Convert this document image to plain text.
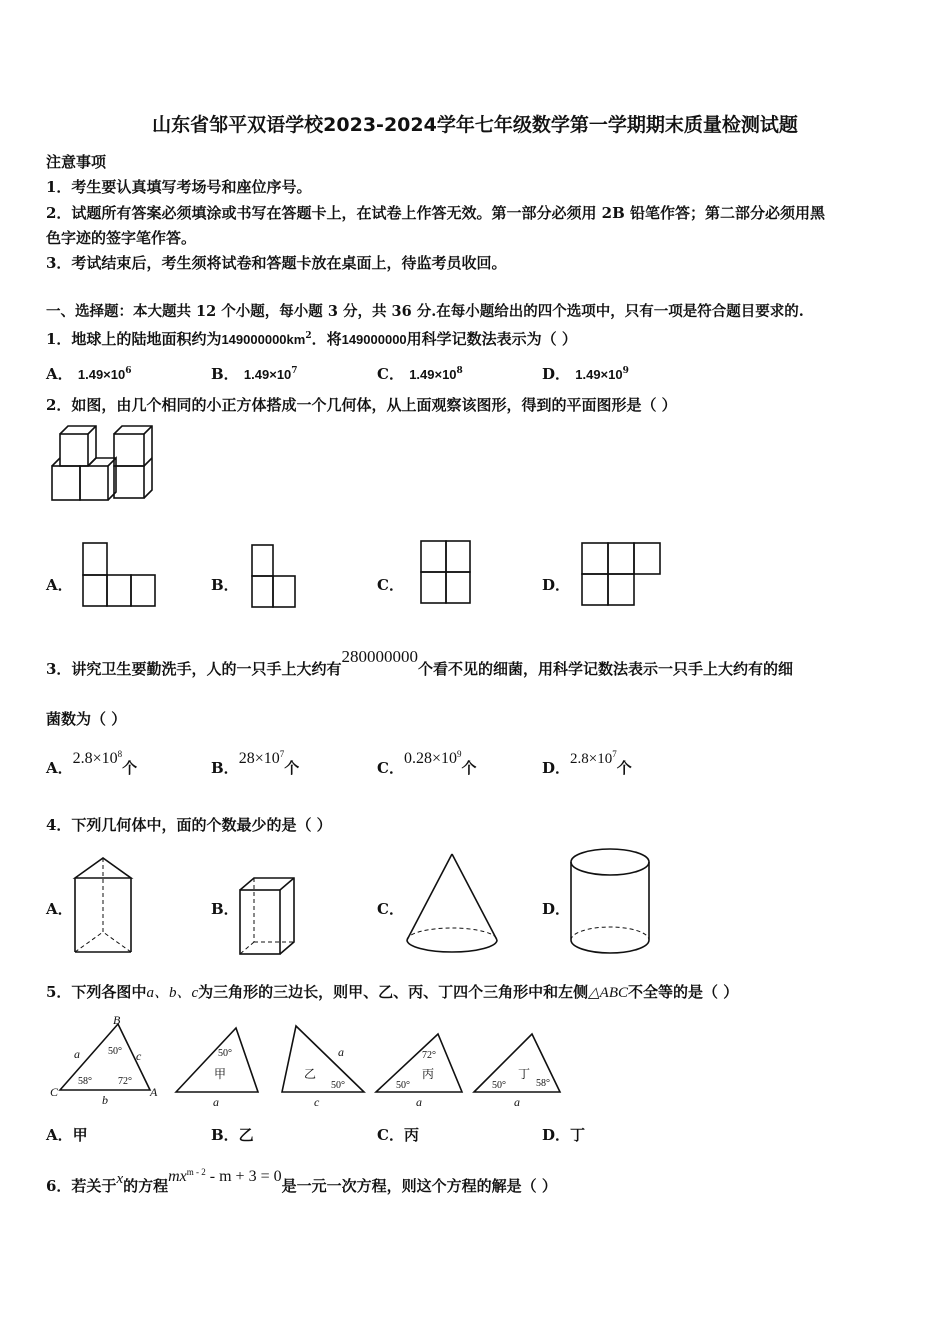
山东省邹平双语学校2023-2024学年七年级数学第一学期期末质量检测试题
注意事项
1．考生要认真填写考场号和座位序号。
2．试题所有答案必须填涂或书写在答题卡上，在试卷上作答无效。第一部分必须用 2B 铅笔作答；第二部分必须用黑
色字迹的签字笔作答。
3．考试结束后，考生须将试卷和答题卡放在桌面上，待监考员收回。
一、选择题：本大题共 12 个小题，每小题 3 分，共 36 分.在每小题给出的四个选项中，只有一项是符合题目要求的.
1．地球上的陆地面积约为$149000000km^2$．将149000000用科学记数法表示为（ ）
A． $1.49\times 10^6$	B． $1.49\times 10^7$	C． $1.49\times 10^8$	D． $1.49\times 10^9$
2．如图，由几个相同的小正方体搭成一个几何体，从上面观察该图形，得到的平面图形是（ ）
A．	B．	C．	D．
3．讲究卫生要勤洗手，人的一只手上大约有280000000个看不见的细菌，用科学记数法表示一只手上大约有的细
菌数为（ ）
A．$2.8\times 10^8$个	B．$28\times 10^7$个	C．$0.28\times 10^9$个	D．$2.8\times 10^7$个
4．下列几何体中，面的个数最少的是（ ）
A．	B．	C．	D．
5．下列各图中a、b、c为三角形的三边长，则甲、乙、丙、丁四个三角形中和左侧△ABC不全等的是（ ）
B
C	A
a	c
b
50°
58°	72°
50°
甲
a
乙
a
50°
c
72°
丙
50°
a
丁
50°	58°
a
A．甲	B．乙	C．丙	D．丁
6．若关于x的方程$mx^{m - 2} - m + 3 = 0$是一元一次方程，则这个方程的解是（ ）
